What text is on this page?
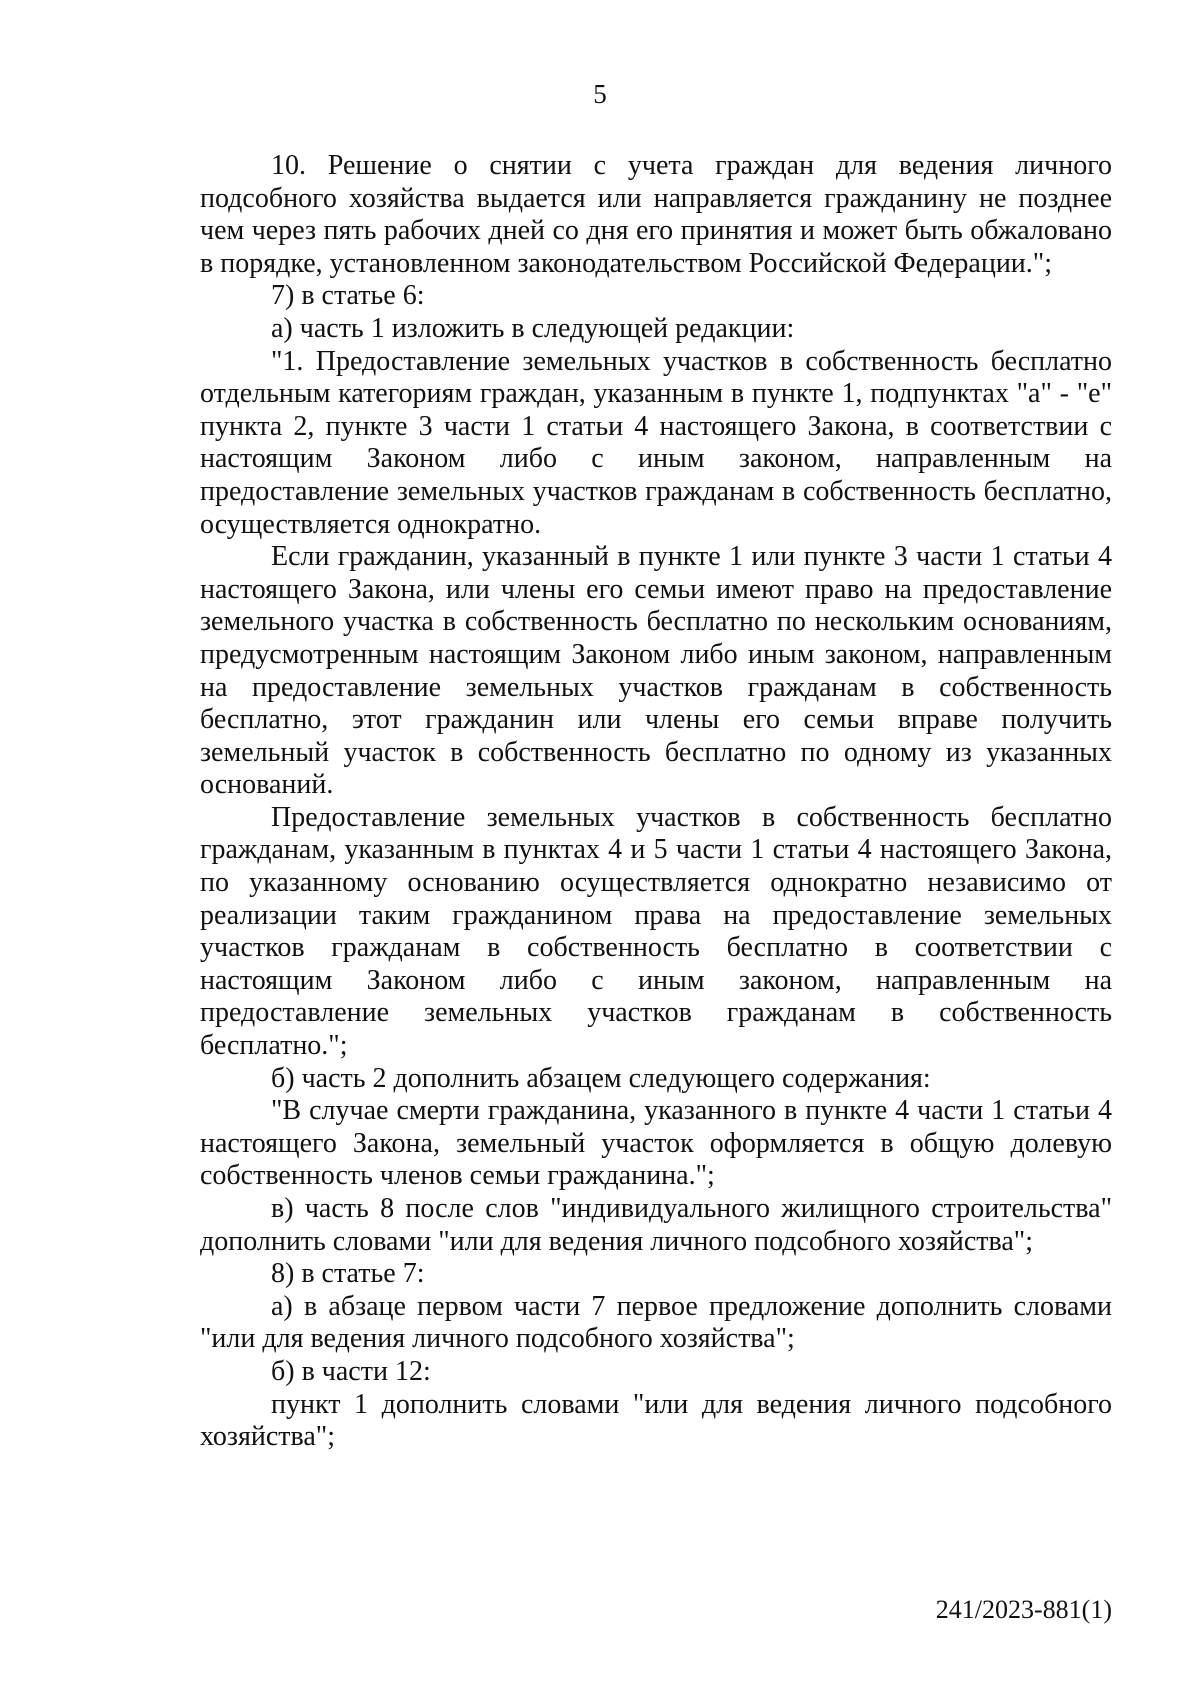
5

10. Решение о снятии с учета граждан для ведения личного подсобного хозяйства выдается или направляется гражданину не позднее чем через пять рабочих дней со дня его принятия и может быть обжаловано в порядке, установленном законодательством Российской Федерации.";

7) в статье 6:

а) часть 1 изложить в следующей редакции:

"1. Предоставление земельных участков в собственность бесплатно отдельным категориям граждан, указанным в пункте 1, подпунктах "а" - "е" пункта 2, пункте 3 части 1 статьи 4 настоящего Закона, в соответствии с настоящим Законом либо с иным законом, направленным на предоставление земельных участков гражданам в собственность бесплатно, осуществляется однократно.

Если гражданин, указанный в пункте 1 или пункте 3 части 1 статьи 4 настоящего Закона, или члены его семьи имеют право на предоставление земельного участка в собственность бесплатно по нескольким основаниям, предусмотренным настоящим Законом либо иным законом, направленным на предоставление земельных участков гражданам в собственность бесплатно, этот гражданин или члены его семьи вправе получить земельный участок в собственность бесплатно по одному из указанных оснований.

Предоставление земельных участков в собственность бесплатно гражданам, указанным в пунктах 4 и 5 части 1 статьи 4 настоящего Закона, по указанному основанию осуществляется однократно независимо от реализации таким гражданином права на предоставление земельных участков гражданам в собственность бесплатно в соответствии с настоящим Законом либо с иным законом, направленным на предоставление земельных участков гражданам в собственность бесплатно.";

б) часть 2 дополнить абзацем следующего содержания:

"В случае смерти гражданина, указанного в пункте 4 части 1 статьи 4 настоящего Закона, земельный участок оформляется в общую долевую собственность членов семьи гражданина.";

в) часть 8 после слов "индивидуального жилищного строительства" дополнить словами "или для ведения личного подсобного хозяйства";

8) в статье 7:

а) в абзаце первом части 7 первое предложение дополнить словами "или для ведения личного подсобного хозяйства";

б) в части 12:

пункт 1 дополнить словами "или для ведения личного подсобного хозяйства";

241/2023-881(1)
